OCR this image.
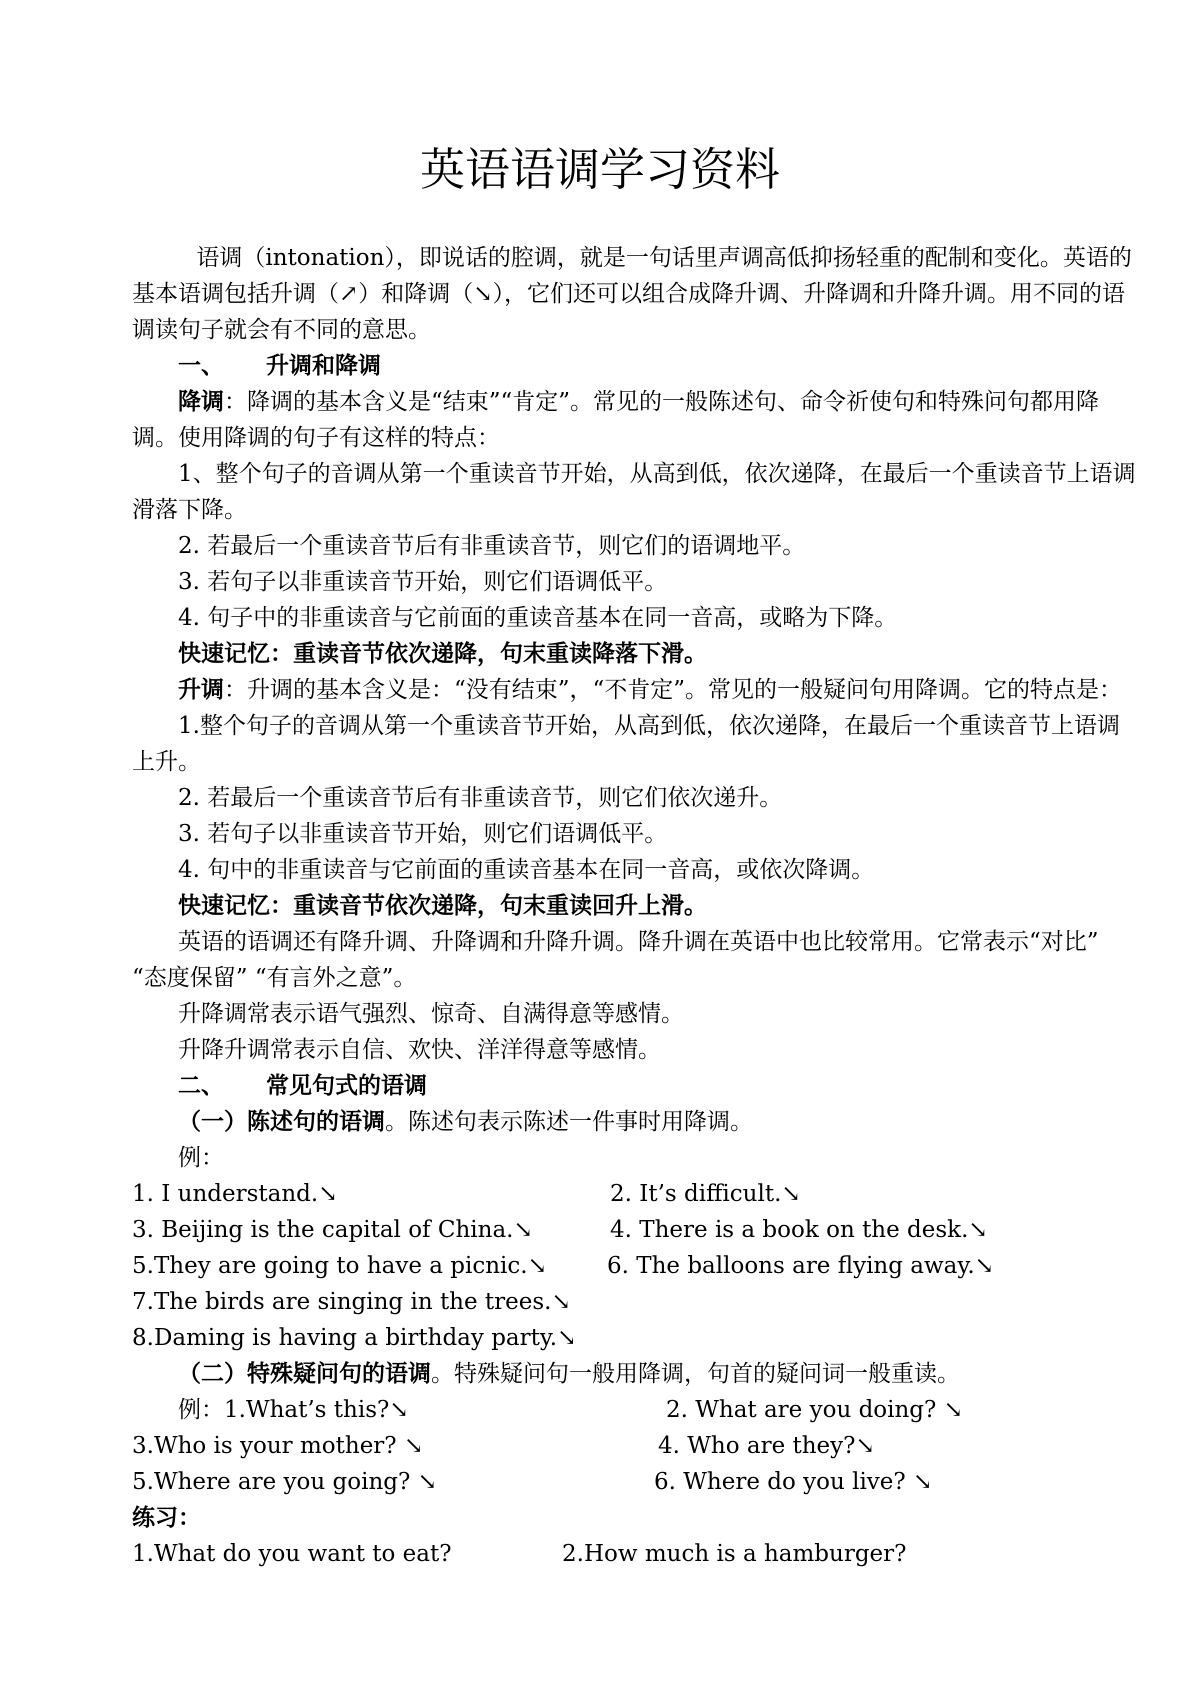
英语语调学习资料

语调（intonation），即说话的腔调，就是一句话里声调高低抑扬轻重的配制和变化。英语的基本语调包括升调（↗）和降调（↘），它们还可以组合成降升调、升降调和升降升调。用不同的语调读句子就会有不同的意思。

一、 升调和降调

降调：降调的基本含义是“结束”“肯定”。常见的一般陈述句、命令祈使句和特殊问句都用降调。使用降调的句子有这样的特点：

1、整个句子的音调从第一个重读音节开始，从高到低，依次递降，在最后一个重读音节上语调滑落下降。

2. 若最后一个重读音节后有非重读音节，则它们的语调地平。

3. 若句子以非重读音节开始，则它们语调低平。

4. 句子中的非重读音与它前面的重读音基本在同一音高，或略为下降。

快速记忆：重读音节依次递降，句末重读降落下滑。

升调：升调的基本含义是：“没有结束”，“不肯定”。常见的一般疑问句用降调。它的特点是：

1.整个句子的音调从第一个重读音节开始，从高到低，依次递降，在最后一个重读音节上语调上升。

2. 若最后一个重读音节后有非重读音节，则它们依次递升。

3. 若句子以非重读音节开始，则它们语调低平。

4. 句中的非重读音与它前面的重读音基本在同一音高，或依次降调。

快速记忆：重读音节依次递降，句末重读回升上滑。

英语的语调还有降升调、升降调和升降升调。降升调在英语中也比较常用。它常表示“对比” “态度保留” “有言外之意”。

升降调常表示语气强烈、惊奇、自满得意等感情。

升降升调常表示自信、欢快、洋洋得意等感情。

二、 常见句式的语调

（一）陈述句的语调。陈述句表示陈述一件事时用降调。

例：

1. I understand.↘	2. It’s difficult.↘
3. Beijing is the capital of China.↘	4. There is a book on the desk.↘
5.They are going to have a picnic.↘	6. The balloons are flying away.↘
7.The birds are singing in the trees.↘
8.Daming is having a birthday party.↘

（二）特殊疑问句的语调。特殊疑问句一般用降调，句首的疑问词一般重读。

例：1.What’s this?↘	2. What are you doing? ↘
3.Who is your mother? ↘	4. Who are they?↘
5.Where are you going? ↘	6. Where do you live? ↘

练习：

1.What do you want to eat?	2.How much is a hamburger?
